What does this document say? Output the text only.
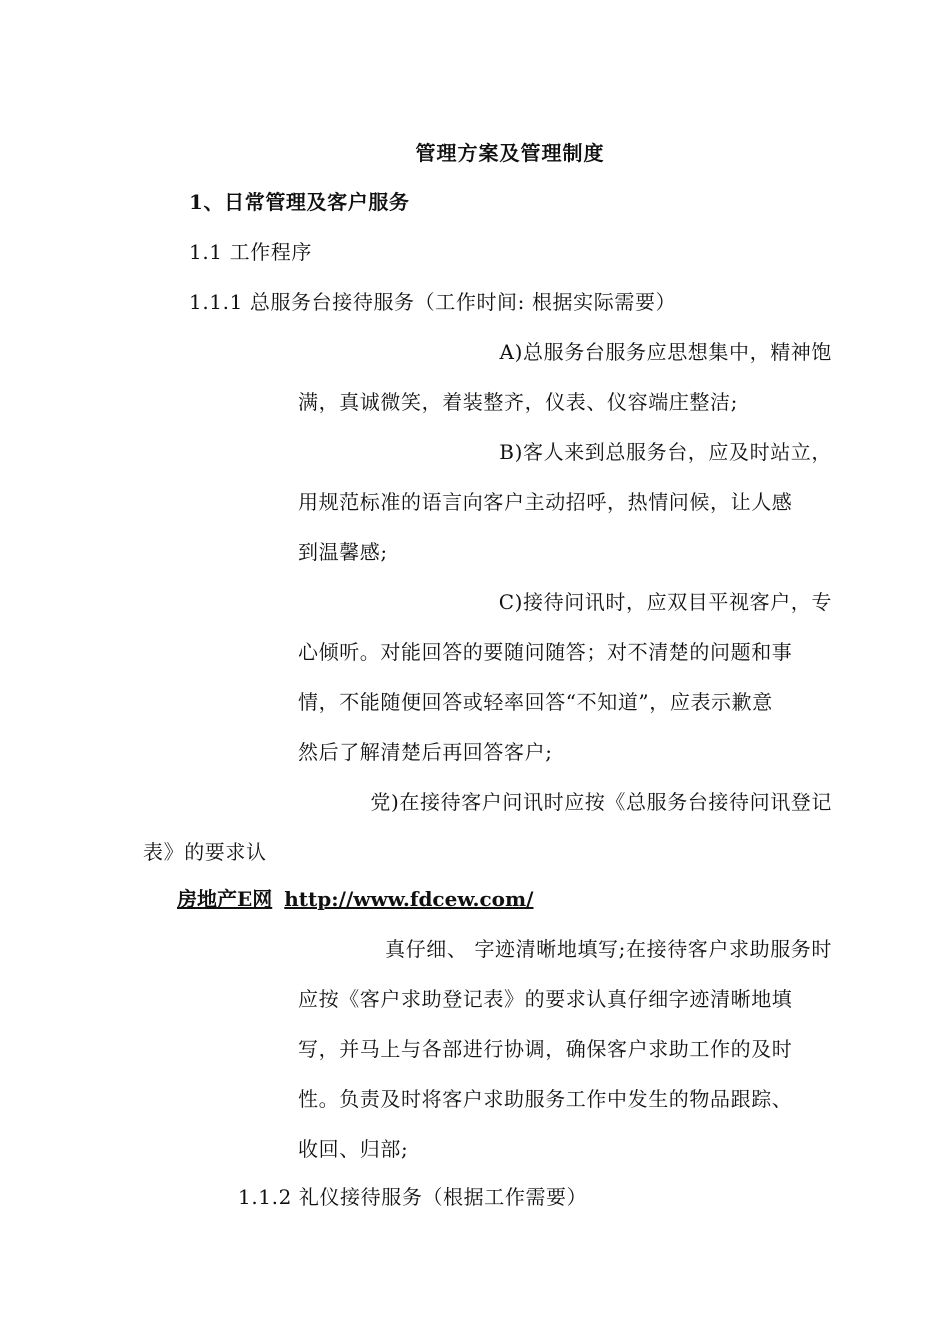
管理方案及管理制度
1、日常管理及客户服务
1.1 工作程序
1.1.1 总服务台接待服务（工作时间: 根据实际需要）
A)总服务台服务应思想集中，精神饱
满，真诚微笑，着装整齐，仪表、仪容端庄整洁;
B)客人来到总服务台，应及时站立，
用规范标准的语言向客户主动招呼，热情问候，让人感
到温馨感;
C)接待问讯时，应双目平视客户，专
心倾听。对能回答的要随问随答；对不清楚的问题和事
情，不能随便回答或轻率回答“不知道”，应表示歉意
然后了解清楚后再回答客户;
党)在接待客户问讯时应按《总服务台接待问讯登记
表》的要求认
房地产E网 http://www.fdcew.com/
真仔细、 字迹清晰地填写;在接待客户求助服务时
应按《客户求助登记表》的要求认真仔细字迹清晰地填
写，并马上与各部进行协调，确保客户求助工作的及时
性。负责及时将客户求助服务工作中发生的物品跟踪、
收回、归部;
1.1.2 礼仪接待服务（根据工作需要）
